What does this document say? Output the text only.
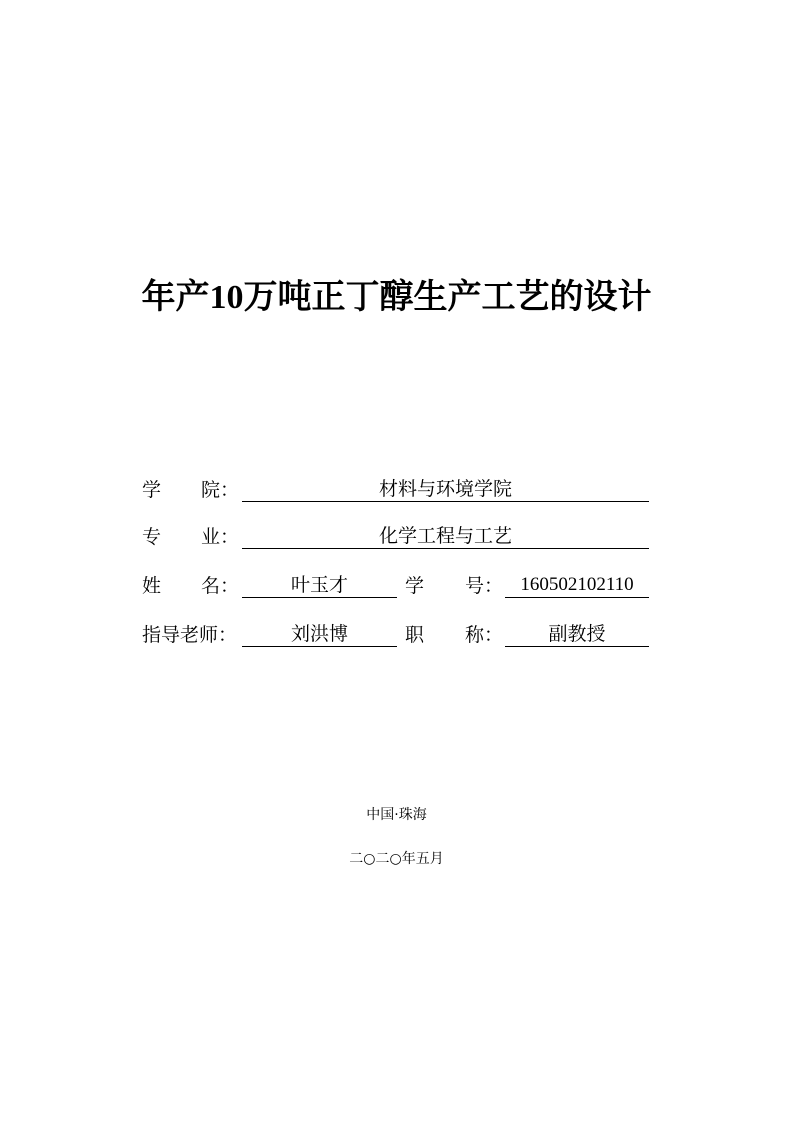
年产10万吨正丁醇生产工艺的设计
学 院：	材料与环境学院
专 业：	化学工程与工艺
姓 名：	叶玉才	学 号： 160502102110
指导老师：	刘洪博	职 称：	副教授
中国·珠海
二○二○年五月
